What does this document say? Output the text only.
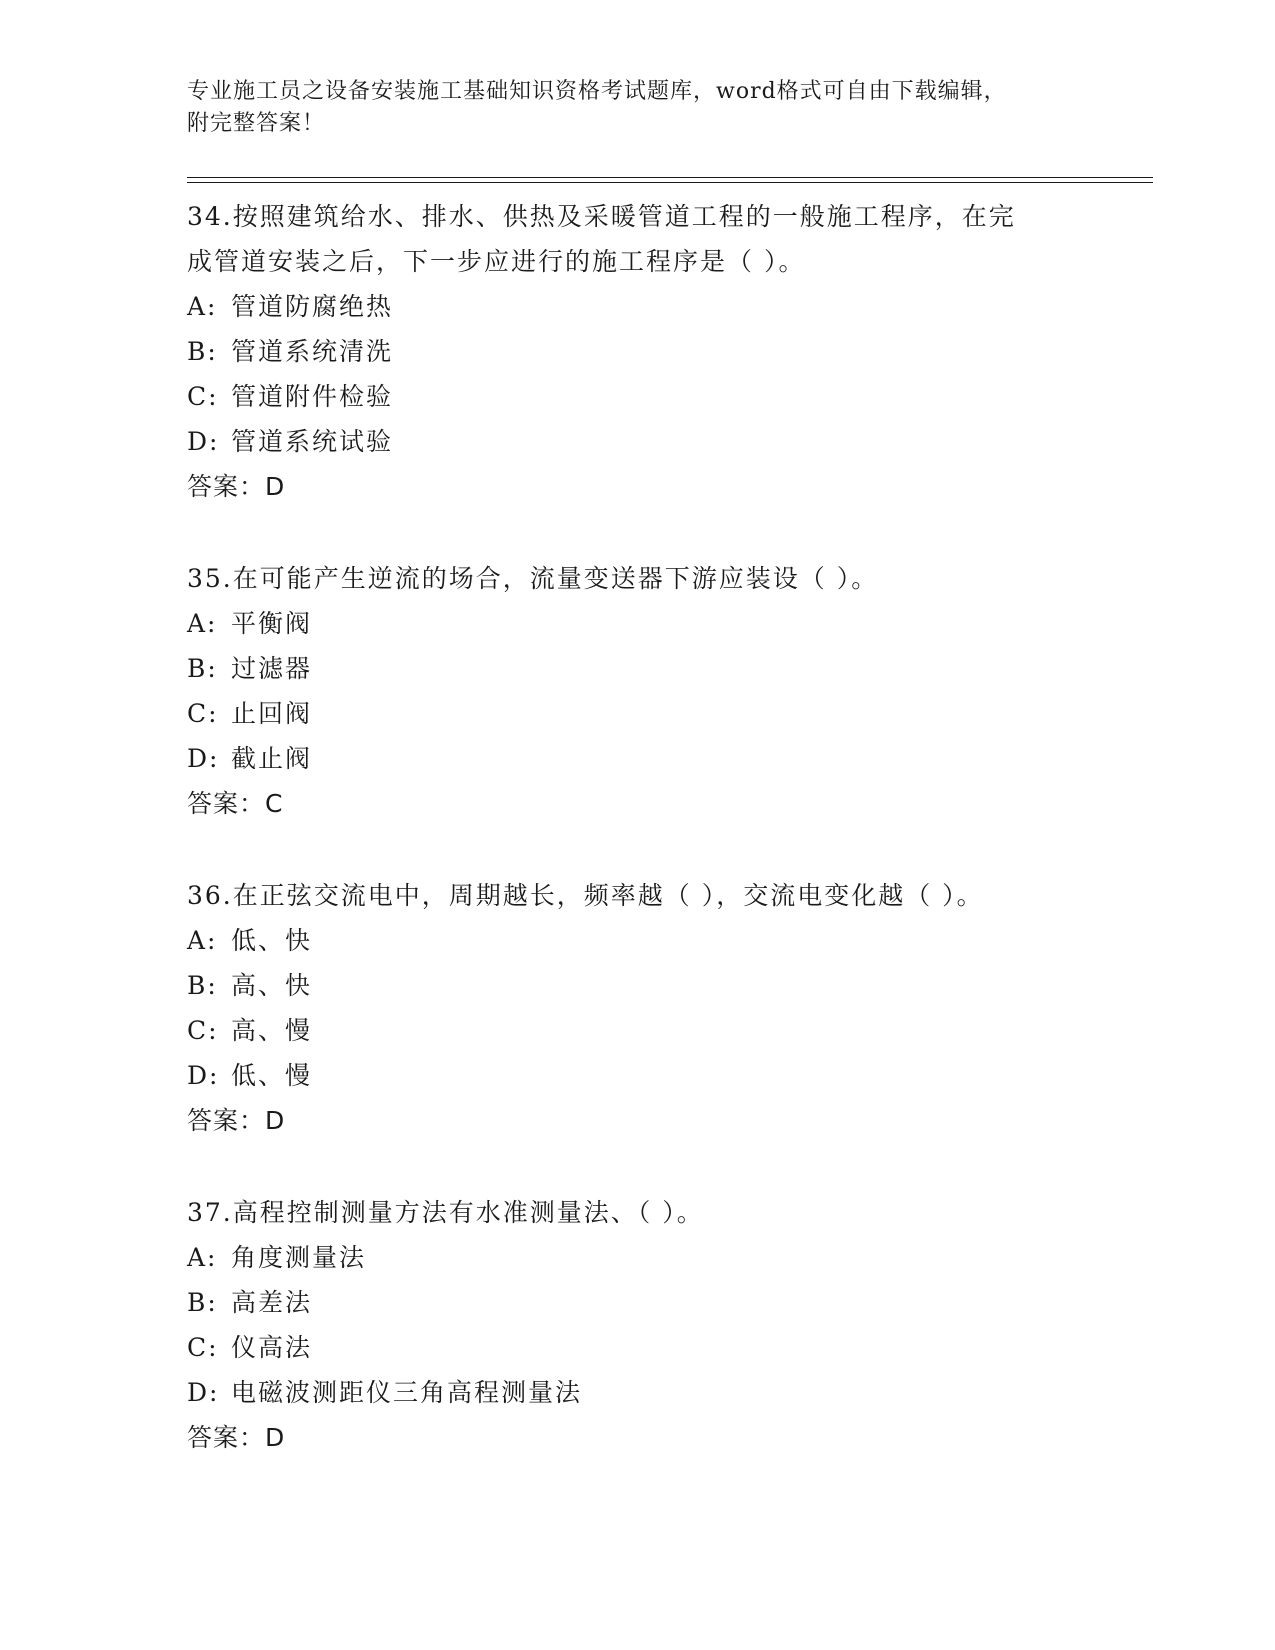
专业施工员之设备安装施工基础知识资格考试题库，word格式可自由下载编辑，
附完整答案！
34.按照建筑给水、排水、供热及采暖管道工程的一般施工程序，在完
成管道安装之后，下一步应进行的施工程序是（ ）。
A: 管道防腐绝热
B: 管道系统清洗
C: 管道附件检验
D: 管道系统试验
答案：D
35.在可能产生逆流的场合，流量变送器下游应装设（ ）。
A: 平衡阀
B: 过滤器
C: 止回阀
D: 截止阀
答案：C
36.在正弦交流电中，周期越长，频率越（ ），交流电变化越（ ）。
A: 低、快
B: 高、快
C: 高、慢
D: 低、慢
答案：D
37.高程控制测量方法有水准测量法、（ ）。
A: 角度测量法
B: 高差法
C: 仪高法
D: 电磁波测距仪三角高程测量法
答案：D
